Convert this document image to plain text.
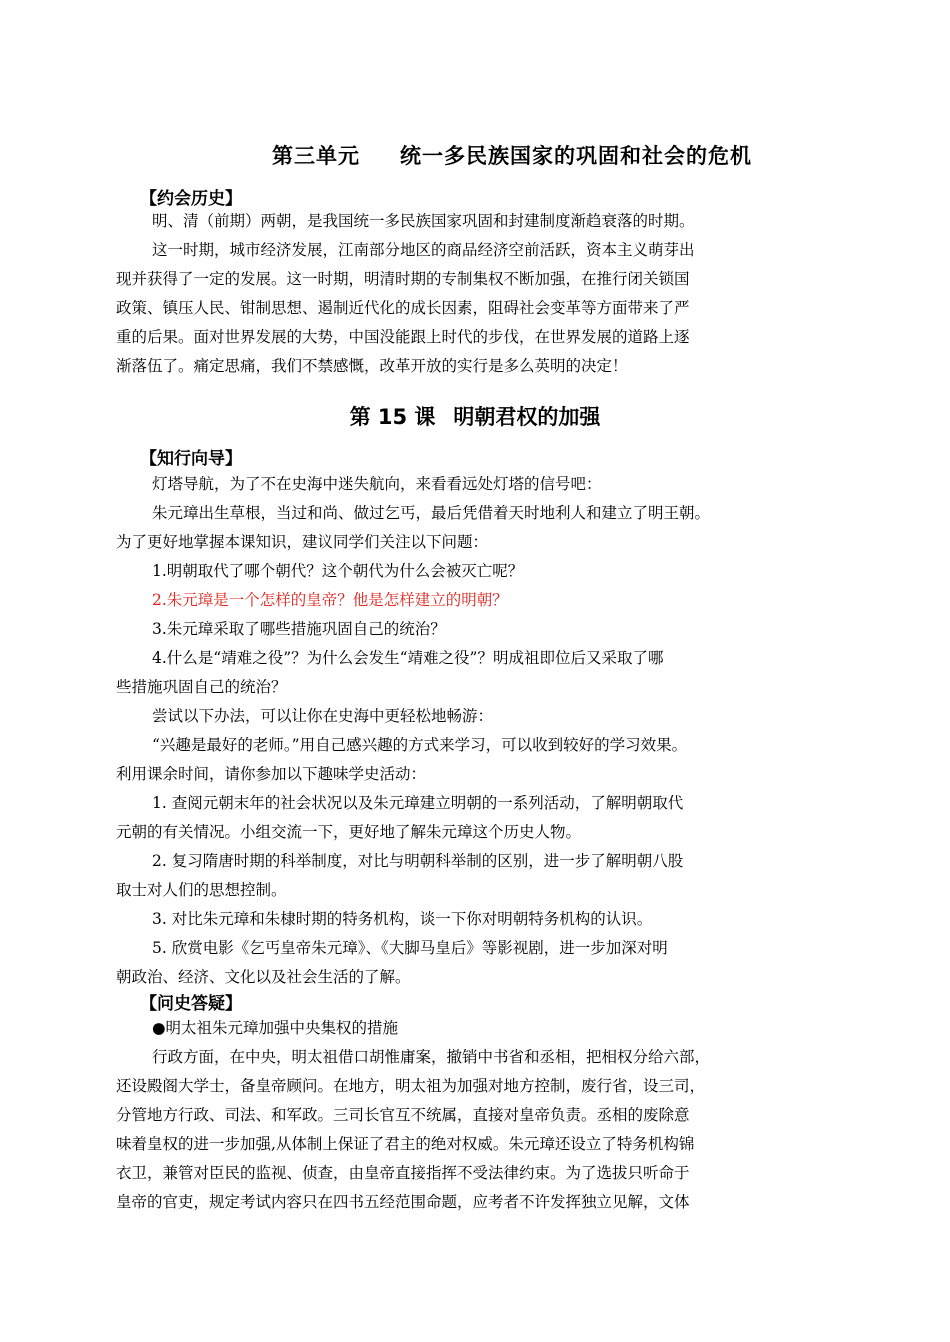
第三单元 统一多民族国家的巩固和社会的危机
【约会历史】
明、清（前期）两朝，是我国统一多民族国家巩固和封建制度渐趋衰落的时期。
这一时期，城市经济发展，江南部分地区的商品经济空前活跃，资本主义萌芽出
现并获得了一定的发展。这一时期，明清时期的专制集权不断加强，在推行闭关锁国
政策、镇压人民、钳制思想、遏制近代化的成长因素，阻碍社会变革等方面带来了严
重的后果。面对世界发展的大势，中国没能跟上时代的步伐，在世界发展的道路上逐
渐落伍了。痛定思痛，我们不禁感慨，改革开放的实行是多么英明的决定！
第 15 课 明朝君权的加强
【知行向导】
灯塔导航，为了不在史海中迷失航向，来看看远处灯塔的信号吧：
朱元璋出生草根，当过和尚、做过乞丐，最后凭借着天时地利人和建立了明王朝。
为了更好地掌握本课知识，建议同学们关注以下问题：
1.明朝取代了哪个朝代？这个朝代为什么会被灭亡呢？
2.朱元璋是一个怎样的皇帝？他是怎样建立的明朝？
3.朱元璋采取了哪些措施巩固自己的统治？
4.什么是“靖难之役”？为什么会发生“靖难之役”？明成祖即位后又采取了哪
些措施巩固自己的统治？
尝试以下办法，可以让你在史海中更轻松地畅游：
“兴趣是最好的老师。”用自己感兴趣的方式来学习，可以收到较好的学习效果。
利用课余时间，请你参加以下趣味学史活动：
1. 查阅元朝末年的社会状况以及朱元璋建立明朝的一系列活动，了解明朝取代
元朝的有关情况。小组交流一下，更好地了解朱元璋这个历史人物。
2. 复习隋唐时期的科举制度，对比与明朝科举制的区别，进一步了解明朝八股
取士对人们的思想控制。
3. 对比朱元璋和朱棣时期的特务机构，谈一下你对明朝特务机构的认识。
5. 欣赏电影《乞丐皇帝朱元璋》、《大脚马皇后》等影视剧，进一步加深对明
朝政治、经济、文化以及社会生活的了解。
【问史答疑】
●明太祖朱元璋加强中央集权的措施
行政方面，在中央，明太祖借口胡惟庸案，撤销中书省和丞相，把相权分给六部，
还设殿阁大学士，备皇帝顾问。在地方，明太祖为加强对地方控制，废行省，设三司，
分管地方行政、司法、和军政。三司长官互不统属，直接对皇帝负责。丞相的废除意
味着皇权的进一步加强,从体制上保证了君主的绝对权威。朱元璋还设立了特务机构锦
衣卫，兼管对臣民的监视、侦查，由皇帝直接指挥不受法律约束。为了选拔只听命于
皇帝的官吏，规定考试内容只在四书五经范围命题，应考者不许发挥独立见解，文体
